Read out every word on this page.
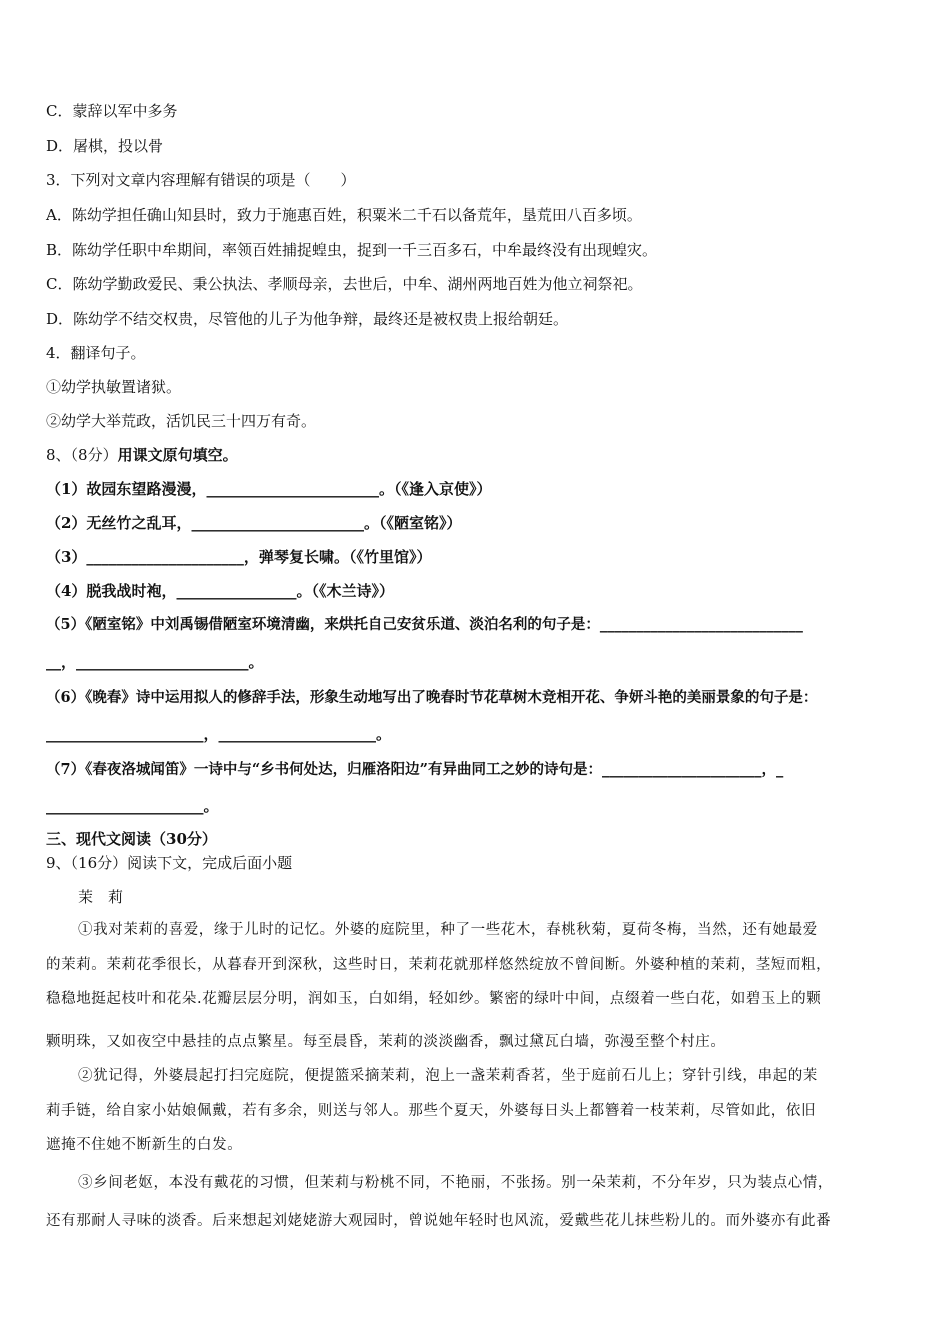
C．蒙辞以军中多务
D．屠棋，投以骨
3．下列对文章内容理解有错误的项是（　　）
A．陈幼学担任确山知县时，致力于施惠百姓，积粟米二千石以备荒年，垦荒田八百多顷。
B．陈幼学任职中牟期间，率领百姓捕捉蝗虫，捉到一千三百多石，中牟最终没有出现蝗灾。
C．陈幼学勤政爱民、秉公执法、孝顺母亲，去世后，中牟、湖州两地百姓为他立祠祭祀。
D．陈幼学不结交权贵，尽管他的儿子为他争辩，最终还是被权贵上报给朝廷。
4．翻译句子。
①幼学执敏置诸狱。
②幼学大举荒政，活饥民三十四万有奇。
8、（8分）用课文原句填空。
（1）故园东望路漫漫，_______________________。（《逢入京使》）
（2）无丝竹之乱耳，_______________________。（《陋室铭》）
（3）_____________________，弹琴复长啸。（《竹里馆》）
（4）脱我战时袍，________________。（《木兰诗》）
（5）《陋室铭》中刘禹锡借陋室环境清幽，来烘托自己安贫乐道、淡泊名利的句子是：____________________________
__，_______________________。
（6）《晚春》诗中运用拟人的修辞手法，形象生动地写出了晚春时节花草树木竞相开花、争妍斗艳的美丽景象的句子是：
_____________________，_____________________。
（7）《春夜洛城闻笛》一诗中与“乡书何处达，归雁洛阳边”有异曲同工之妙的诗句是：______________________，_
_____________________。
三、现代文阅读（30分）
9、（16分）阅读下文，完成后面小题
茉　莉
①我对茉莉的喜爱，缘于儿时的记忆。外婆的庭院里，种了一些花木，春桃秋菊，夏荷冬梅，当然，还有她最爱
的茉莉。茉莉花季很长，从暮春开到深秋，这些时日，茉莉花就那样悠然绽放不曾间断。外婆种植的茉莉，茎短而粗，
稳稳地挺起枝叶和花朵.花瓣层层分明，润如玉，白如绢，轻如纱。繁密的绿叶中间，点缀着一些白花，如碧玉上的颗
颗明珠，又如夜空中悬挂的点点繁星。每至晨昏，茉莉的淡淡幽香，飘过黛瓦白墙，弥漫至整个村庄。
②犹记得，外婆晨起打扫完庭院，便提篮采摘茉莉，泡上一盏茉莉香茗，坐于庭前石儿上；穿针引线，串起的茉
莉手链，给自家小姑娘佩戴，若有多余，则送与邻人。那些个夏天，外婆每日头上都簪着一枝茉莉，尽管如此，依旧
遮掩不住她不断新生的白发。
③乡间老妪，本没有戴花的习惯，但茉莉与粉桃不同，不艳丽，不张扬。别一朵茉莉，不分年岁，只为装点心情，
还有那耐人寻味的淡香。后来想起刘姥姥游大观园时，曾说她年轻时也风流，爱戴些花儿抹些粉儿的。而外婆亦有此番
